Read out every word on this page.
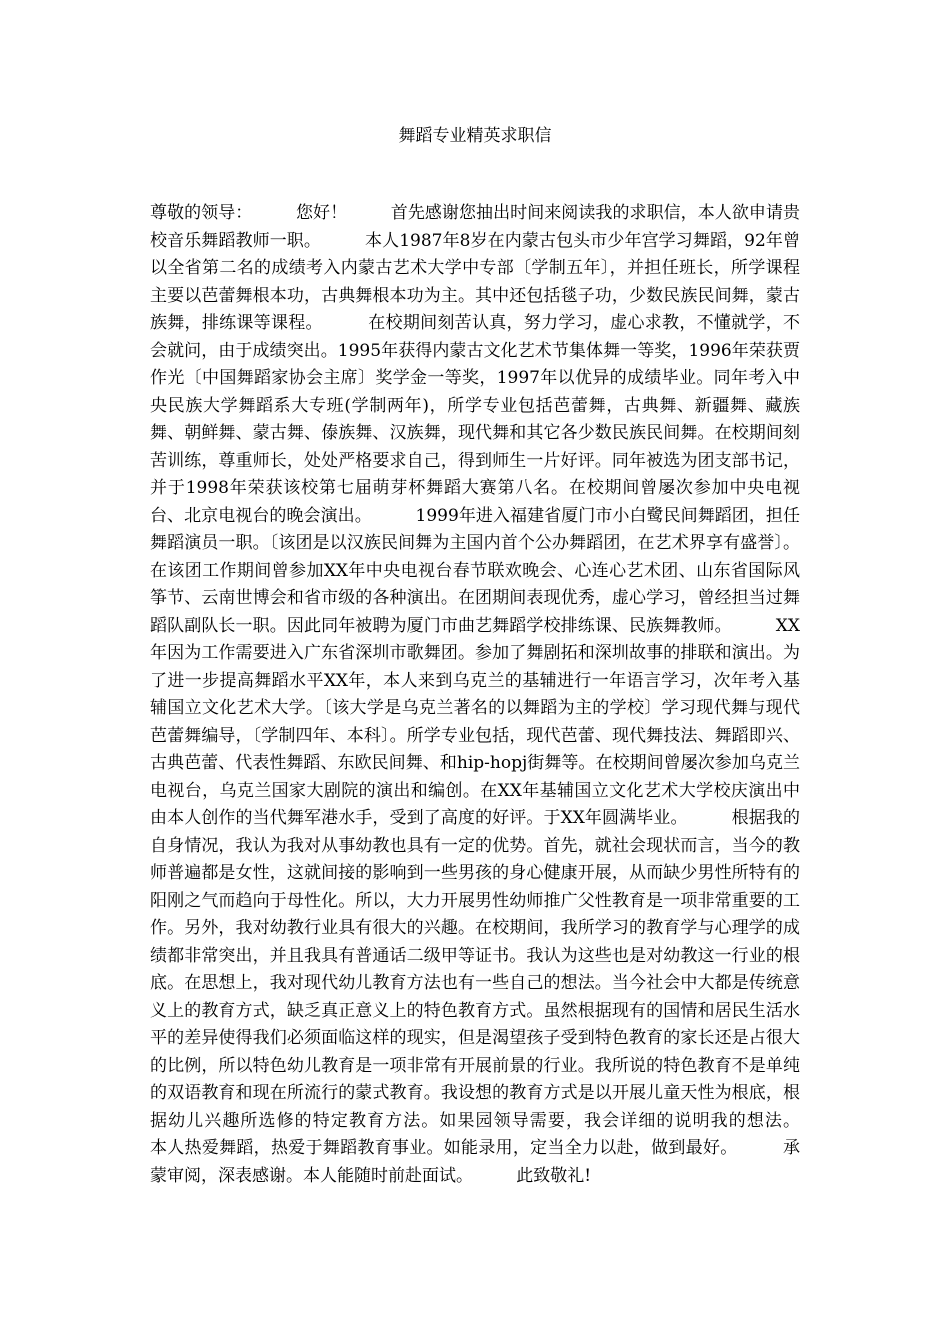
舞蹈专业精英求职信

尊敬的领导：        您好！        首先感谢您抽出时间来阅读我的求职信，本人欲申请贵校音乐舞蹈教师一职。        本人1987年8岁在内蒙古包头市少年宫学习舞蹈，92年曾以全省第二名的成绩考入内蒙古艺术大学中专部〔学制五年〕，并担任班长，所学课程主要以芭蕾舞根本功，古典舞根本功为主。其中还包括毯子功，少数民族民间舞，蒙古族舞，排练课等课程。        在校期间刻苦认真，努力学习，虚心求教，不懂就学，不会就问，由于成绩突出。1995年获得内蒙古文化艺术节集体舞一等奖，1996年荣获贾作光〔中国舞蹈家协会主席〕奖学金一等奖，1997年以优异的成绩毕业。同年考入中央民族大学舞蹈系大专班(学制两年)，所学专业包括芭蕾舞，古典舞、新疆舞、藏族舞、朝鲜舞、蒙古舞、傣族舞、汉族舞，现代舞和其它各少数民族民间舞。在校期间刻苦训练，尊重师长，处处严格要求自己，得到师生一片好评。同年被选为团支部书记，并于1998年荣获该校第七届萌芽杯舞蹈大赛第八名。在校期间曾屡次参加中央电视台、北京电视台的晚会演出。        1999年进入福建省厦门市小白鹭民间舞蹈团，担任舞蹈演员一职。〔该团是以汉族民间舞为主国内首个公办舞蹈团，在艺术界享有盛誉〕。在该团工作期间曾参加XX年中央电视台春节联欢晚会、心连心艺术团、山东省国际风筝节、云南世博会和省市级的各种演出。在团期间表现优秀，虚心学习，曾经担当过舞蹈队副队长一职。因此同年被聘为厦门市曲艺舞蹈学校排练课、民族舞教师。        XX年因为工作需要进入广东省深圳市歌舞团。参加了舞剧拓和深圳故事的排联和演出。为了进一步提高舞蹈水平XX年，本人来到乌克兰的基辅进行一年语言学习，次年考入基辅国立文化艺术大学。〔该大学是乌克兰著名的以舞蹈为主的学校〕学习现代舞与现代芭蕾舞编导，〔学制四年、本科〕。所学专业包括，现代芭蕾、现代舞技法、舞蹈即兴、古典芭蕾、代表性舞蹈、东欧民间舞、和hip-hopj街舞等。在校期间曾屡次参加乌克兰电视台，乌克兰国家大剧院的演出和编创。在XX年基辅国立文化艺术大学校庆演出中由本人创作的当代舞军港水手，受到了高度的好评。于XX年圆满毕业。        根据我的自身情况，我认为我对从事幼教也具有一定的优势。首先，就社会现状而言，当今的教师普遍都是女性，这就间接的影响到一些男孩的身心健康开展，从而缺少男性所特有的阳刚之气而趋向于母性化。所以，大力开展男性幼师推广父性教育是一项非常重要的工作。另外，我对幼教行业具有很大的兴趣。在校期间，我所学习的教育学与心理学的成绩都非常突出，并且我具有普通话二级甲等证书。我认为这些也是对幼教这一行业的根底。在思想上，我对现代幼儿教育方法也有一些自己的想法。当今社会中大都是传统意义上的教育方式，缺乏真正意义上的特色教育方式。虽然根据现有的国情和居民生活水平的差异使得我们必须面临这样的现实，但是渴望孩子受到特色教育的家长还是占很大的比例，所以特色幼儿教育是一项非常有开展前景的行业。我所说的特色教育不是单纯的双语教育和现在所流行的蒙式教育。我设想的教育方式是以开展儿童天性为根底，根据幼儿兴趣所选修的特定教育方法。如果园领导需要，我会详细的说明我的想法。        本人热爱舞蹈，热爱于舞蹈教育事业。如能录用，定当全力以赴，做到最好。        承蒙审阅，深表感谢。本人能随时前赴面试。        此致敬礼!
